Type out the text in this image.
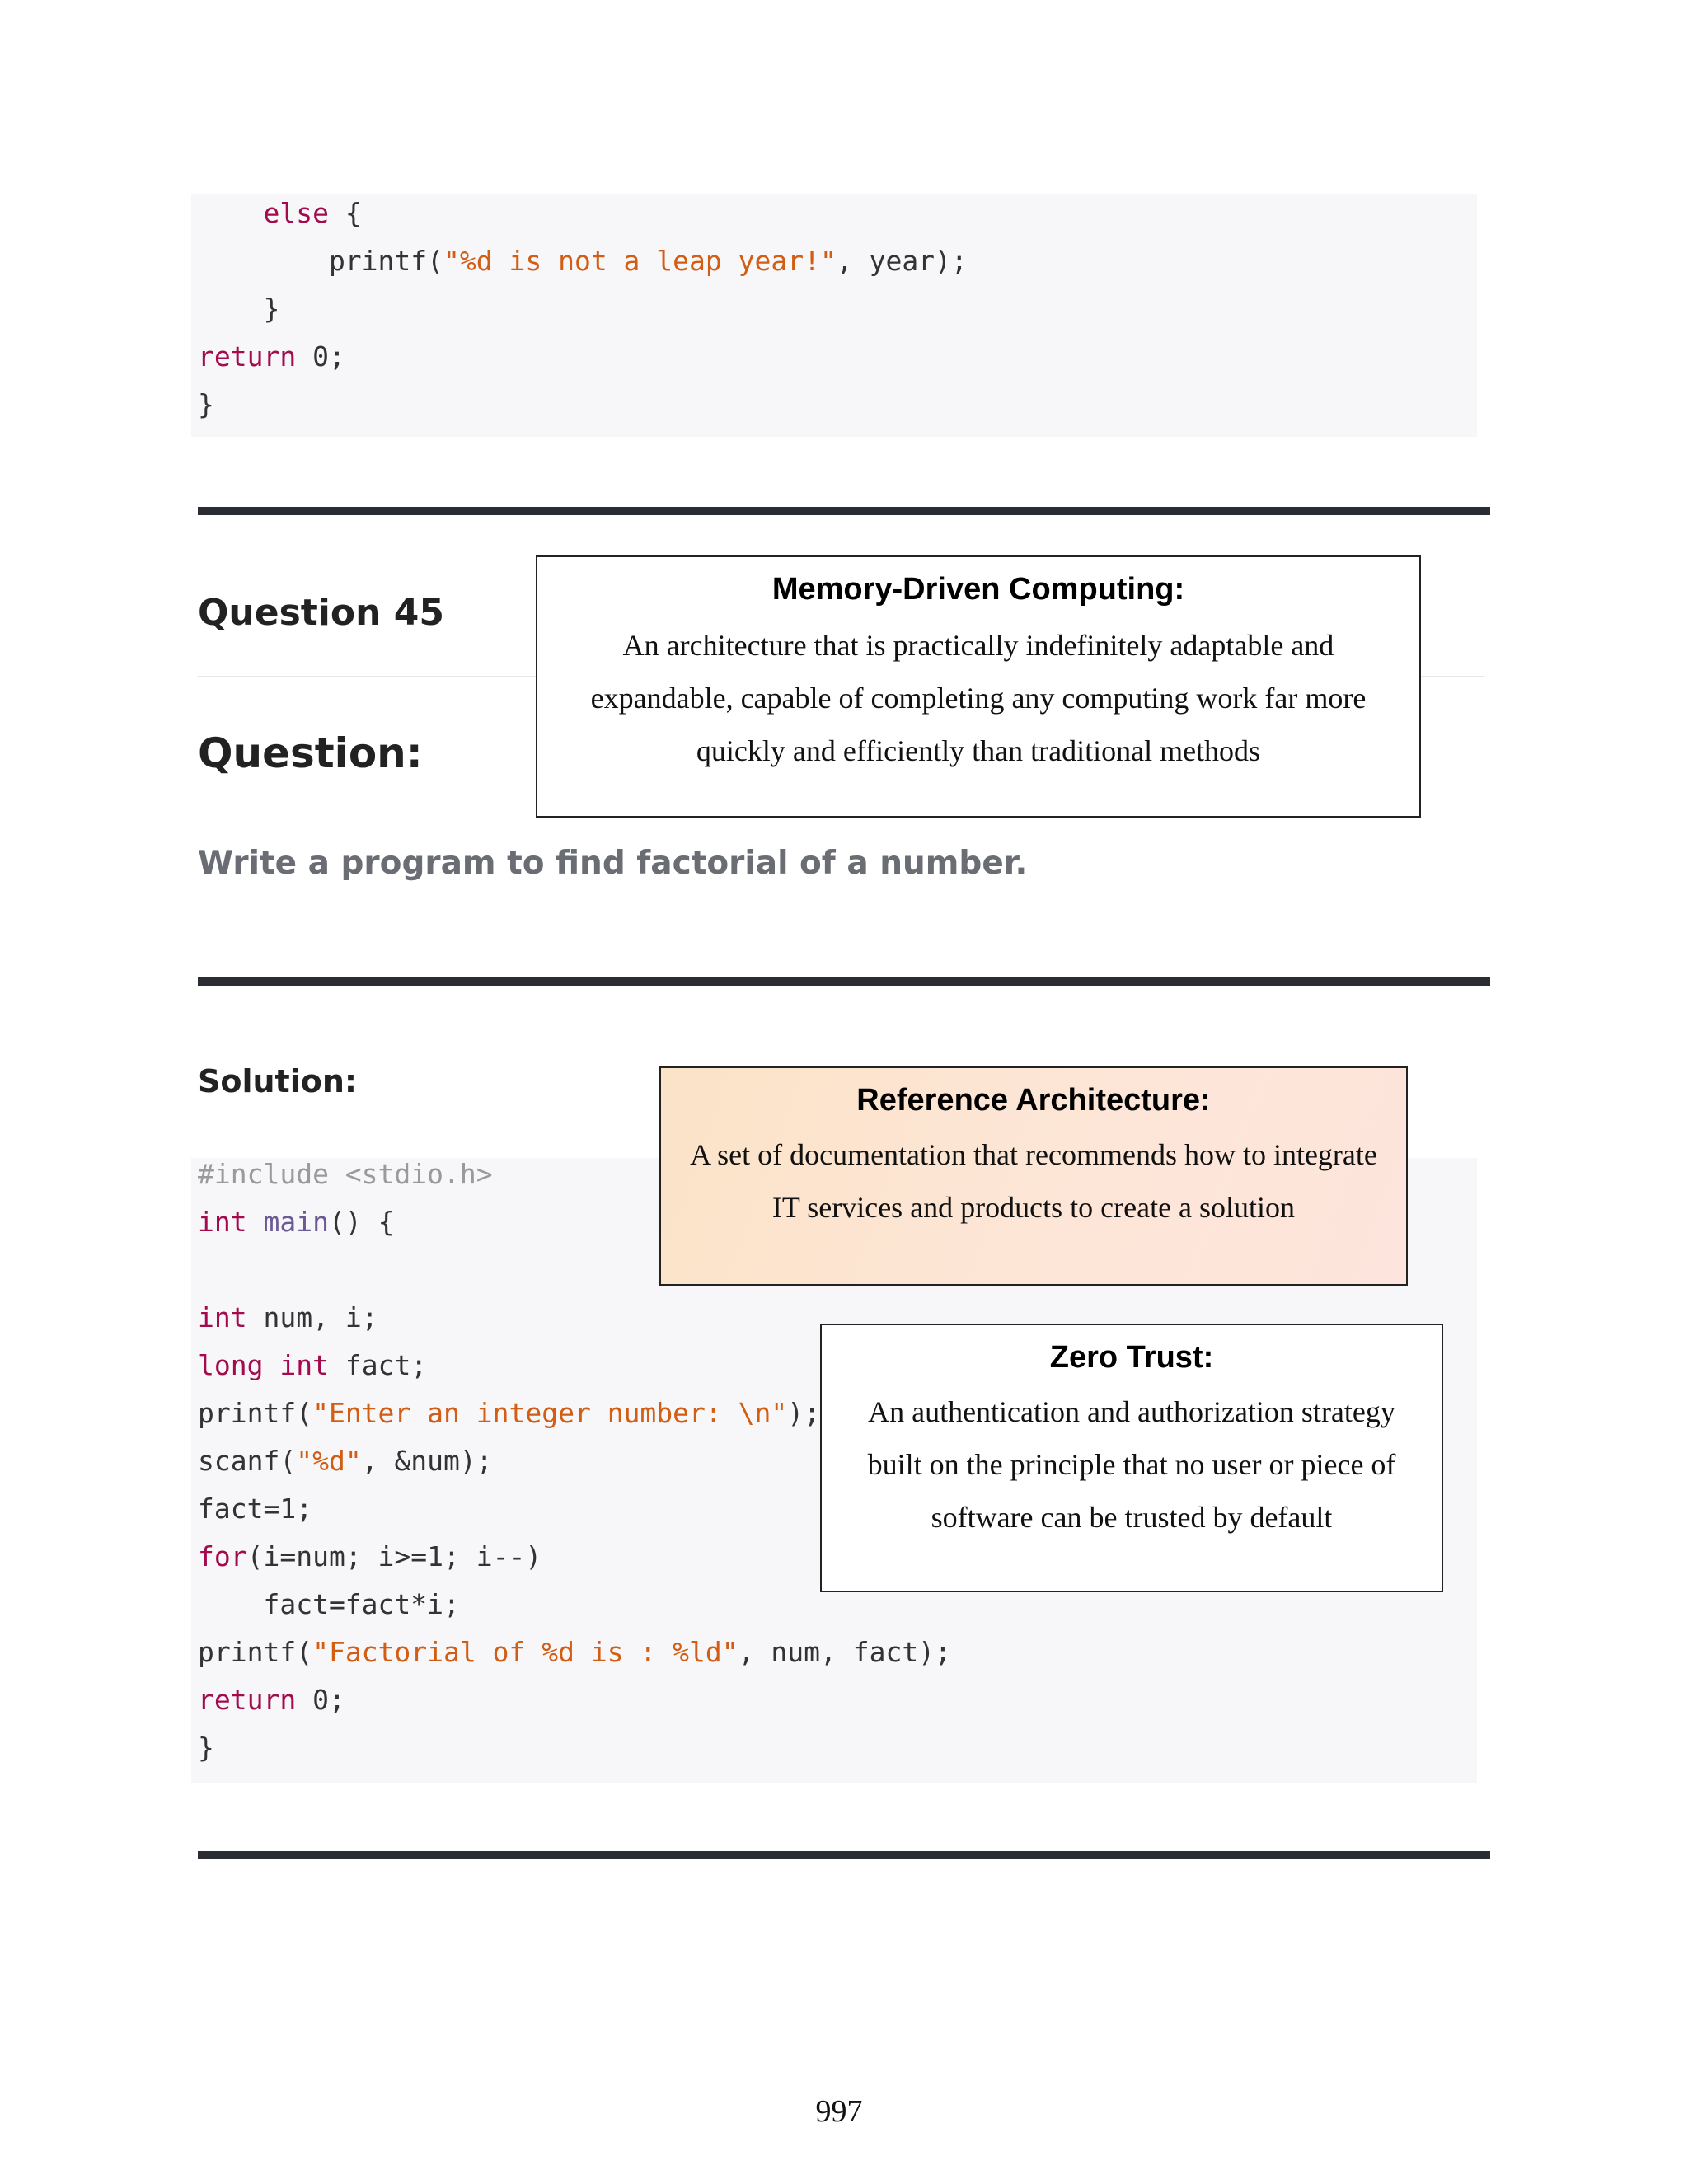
else {
printf("%d is not a leap year!", year);
}
return 0;
}
Question 45
Question:
Write a program to find factorial of a number.
Solution:
#include <stdio.h>
int main() {
int num, i;
long int fact;
printf("Enter an integer number: \n");
scanf("%d", &num);
fact=1;
for(i=num; i>=1; i--)
fact=fact*i;
printf("Factorial of %d is : %ld", num, fact);
return 0;
}
Memory-Driven Computing:
An architecture that is practically indefinitely adaptable and expandable, capable of completing any computing work far more quickly and efficiently than traditional methods
Reference Architecture:
A set of documentation that recommends how to integrate IT services and products to create a solution
Zero Trust:
An authentication and authorization strategy built on the principle that no user or piece of software can be trusted by default
997
